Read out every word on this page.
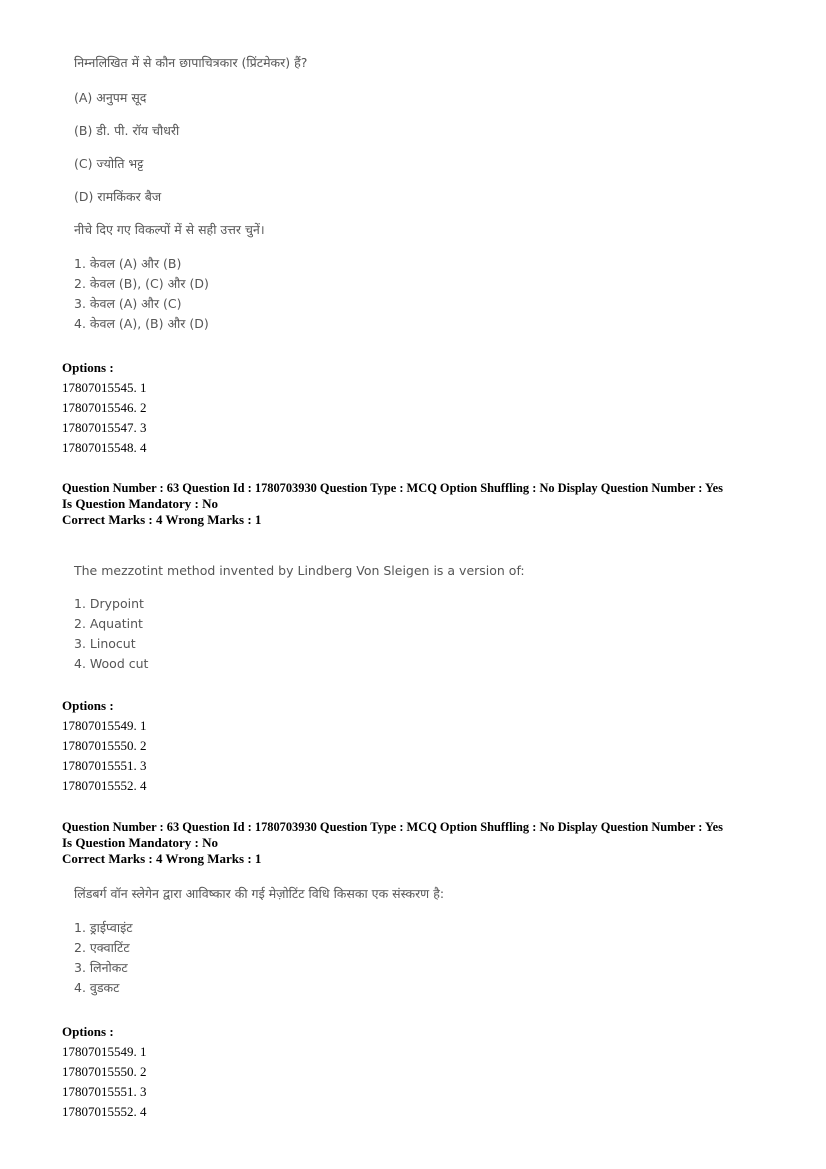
निम्नलिखित में से कौन छापाचित्रकार (प्रिंटमेकर) हैं?
(A) अनुपम सूद
(B) डी. पी. रॉय चौधरी
(C) ज्योति भट्ट
(D) रामकिंकर बैज
नीचे दिए गए विकल्पों में से सही उत्तर चुनें।
1. केवल (A) और (B)
2. केवल (B), (C) और (D)
3. केवल (A) और (C)
4. केवल (A), (B) और (D)
Options :
17807015545. 1
17807015546. 2
17807015547. 3
17807015548. 4
Question Number : 63 Question Id : 1780703930 Question Type : MCQ Option Shuffling : No Display Question Number : Yes
Is Question Mandatory : No
Correct Marks : 4 Wrong Marks : 1
The mezzotint method invented by Lindberg Von Sleigen is a version of:
1. Drypoint
2. Aquatint
3. Linocut
4. Wood cut
Options :
17807015549. 1
17807015550. 2
17807015551. 3
17807015552. 4
Question Number : 63 Question Id : 1780703930 Question Type : MCQ Option Shuffling : No Display Question Number : Yes
Is Question Mandatory : No
Correct Marks : 4 Wrong Marks : 1
लिंडबर्ग वॉन स्लेगेन द्वारा आविष्कार की गई मेज़ोटिंट विधि किसका एक संस्करण है:
1. ड्राईप्वाइंट
2. एक्वाटिंट
3. लिनोकट
4. वुडकट
Options :
17807015549. 1
17807015550. 2
17807015551. 3
17807015552. 4
